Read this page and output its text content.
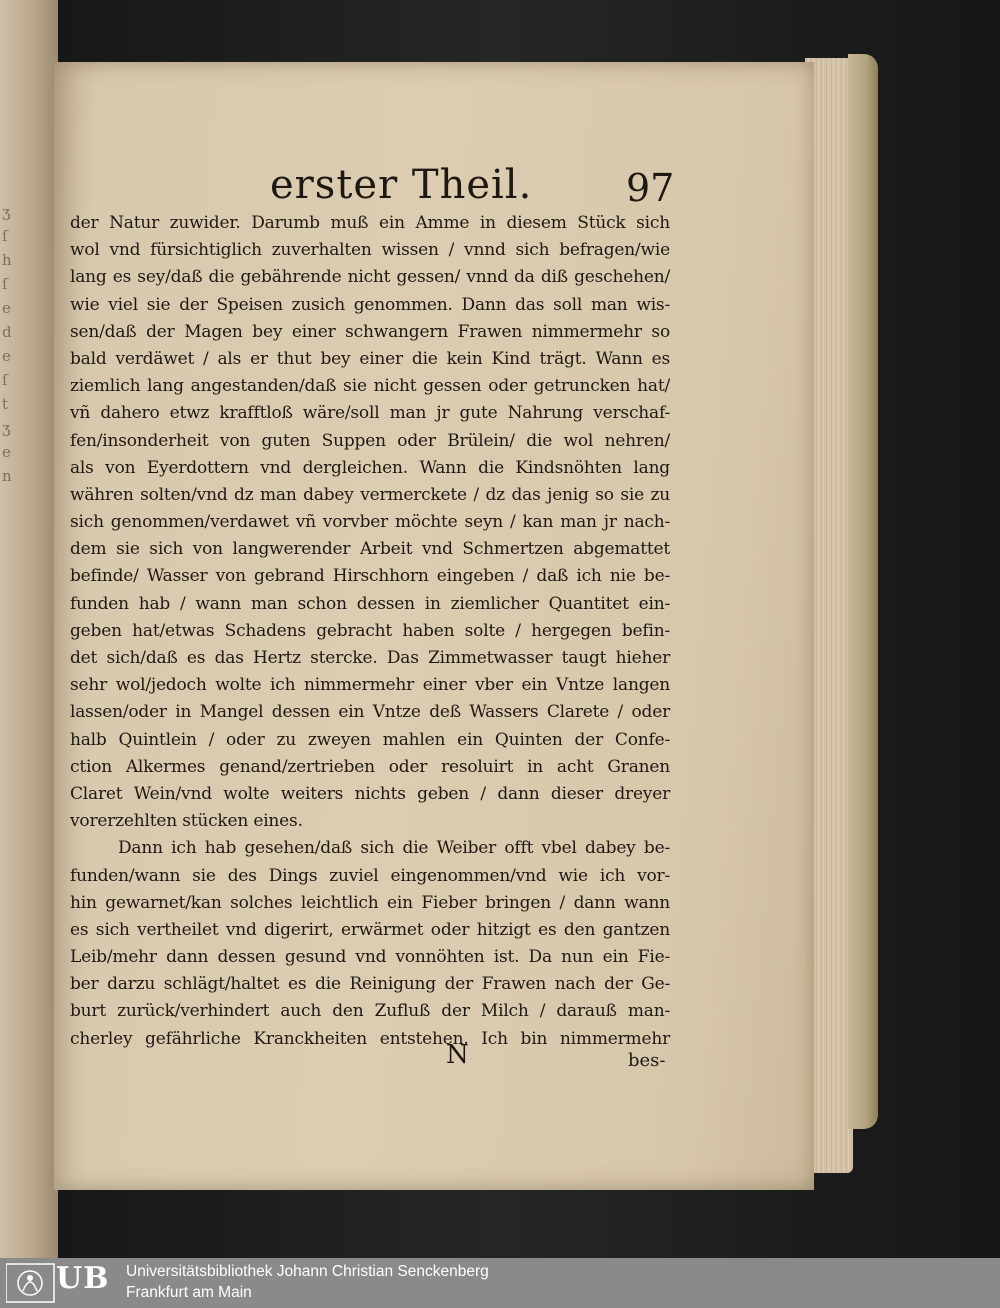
ʒ
ſ
h
ſ
e
d
e
ſ
t
ʒ
e
n
erster Theil. 97
der Natur zuwider. Darumb muß ein Amme in diesem Stück sich
wol vnd fürsichtiglich zuverhalten wissen / vnnd sich befragen/wie
lang es sey/daß die gebährende nicht gessen/ vnnd da diß geschehen/
wie viel sie der Speisen zusich genommen. Dann das soll man wis-
sen/daß der Magen bey einer schwangern Frawen nimmermehr so
bald verdäwet / als er thut bey einer die kein Kind trägt. Wann es
ziemlich lang angestanden/daß sie nicht gessen oder getruncken hat/
vñ dahero etwz krafftloß wäre/soll man jr gute Nahrung verschaf-
fen/insonderheit von guten Suppen oder Brülein/ die wol nehren/
als von Eyerdottern vnd dergleichen. Wann die Kindsnöhten lang
währen solten/vnd dz man dabey vermerckete / dz das jenig so sie zu
sich genommen/verdawet vñ vorvber möchte seyn / kan man jr nach-
dem sie sich von langwerender Arbeit vnd Schmertzen abgemattet
befinde/ Wasser von gebrand Hirschhorn eingeben / daß ich nie be-
funden hab / wann man schon dessen in ziemlicher Quantitet ein-
geben hat/etwas Schadens gebracht haben solte / hergegen befin-
det sich/daß es das Hertz stercke. Das Zimmetwasser taugt hieher
sehr wol/jedoch wolte ich nimmermehr einer vber ein Vntze langen
lassen/oder in Mangel dessen ein Vntze deß Wassers Clarete / oder
halb Quintlein / oder zu zweyen mahlen ein Quinten der Confe-
ction Alkermes genand/zertrieben oder resoluirt in acht Granen
Claret Wein/vnd wolte weiters nichts geben / dann dieser dreyer
vorerzehlten stücken eines.
Dann ich hab gesehen/daß sich die Weiber offt vbel dabey be-
funden/wann sie des Dings zuviel eingenommen/vnd wie ich vor-
hin gewarnet/kan solches leichtlich ein Fieber bringen / dann wann
es sich vertheilet vnd digerirt, erwärmet oder hitzigt es den gantzen
Leib/mehr dann dessen gesund vnd vonnöhten ist. Da nun ein Fie-
ber darzu schlägt/haltet es die Reinigung der Frawen nach der Ge-
burt zurück/verhindert auch den Zufluß der Milch / darauß man-
cherley gefährliche Kranckheiten entstehen. Ich bin nimmermehr
N	bes-
UB Universitätsbibliothek Johann Christian Senckenberg
Frankfurt am Main
